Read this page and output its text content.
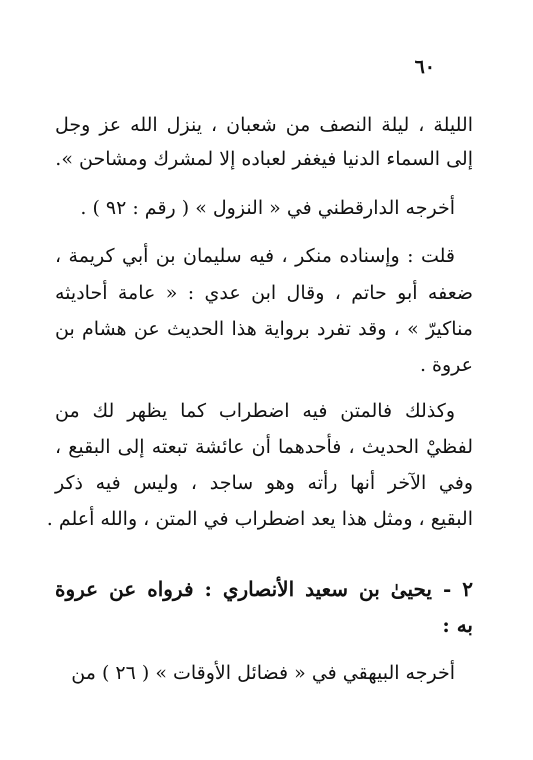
٦٠
الليلة ، ليلة النصف من شعبان ، ينزل الله عز وجل
إلى السماء الدنيا فيغفر لعباده إلا لمشرك ومشاحن ».
أخرجه الدارقطني في « النزول » ( رقم : ٩٢ ) .
قلت : وإسناده منكر ، فيه سليمان بن أبي كريمة ،
ضعفه أبو حاتم ، وقال ابن عدي : « عامة أحاديثه
مناكيرّ » ، وقد تفرد برواية هذا الحديث عن هشام بن
عروة .
وكذلك فالمتن فيه اضطراب كما يظهر لك من
لفظيْ الحديث ، فأحدهما أن عائشة تبعته إلى البقيع ،
وفي الآخر أنها رأته وهو ساجد ، وليس فيه ذكر
البقيع ، ومثل هذا يعد اضطراب في المتن ، والله أعلم .
٢ - يحيىٰ بن سعيد الأنصاري : فرواه عن عروة
به :
أخرجه البيهقي في « فضائل الأوقات » ( ٢٦ ) من
